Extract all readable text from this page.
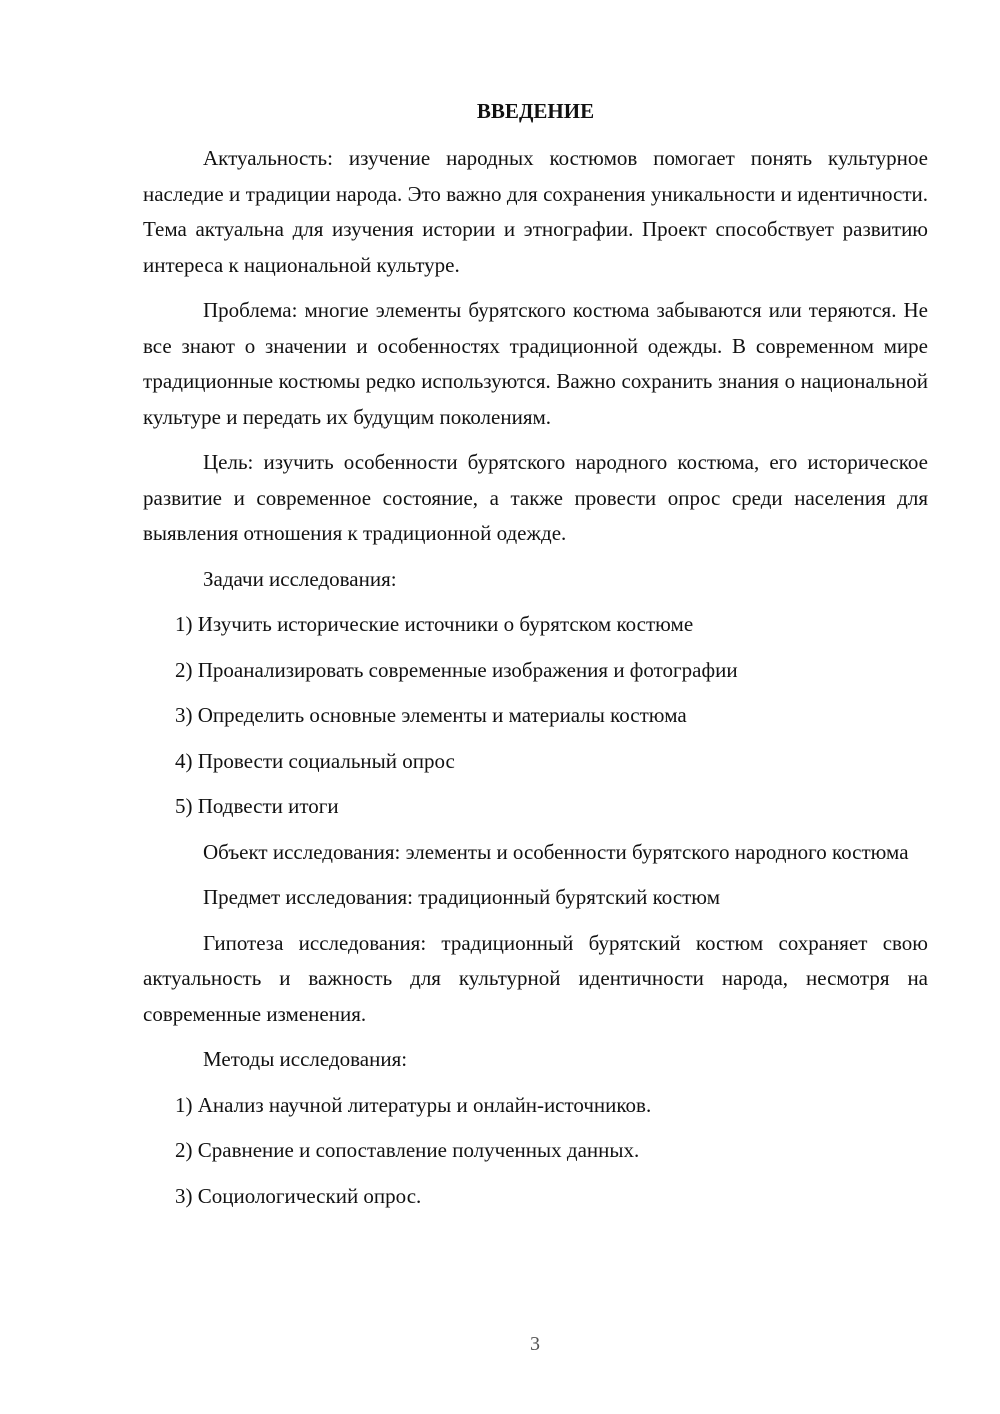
ВВЕДЕНИЕ

Актуальность: изучение народных костюмов помогает понять культурное наследие и традиции народа. Это важно для сохранения уникальности и идентичности. Тема актуальна для изучения истории и этнографии. Проект способствует развитию интереса к национальной культуре.

Проблема: многие элементы бурятского костюма забываются или теряются. Не все знают о значении и особенностях традиционной одежды. В современном мире традиционные костюмы редко используются. Важно сохранить знания о национальной культуре и передать их будущим поколениям.

Цель: изучить особенности бурятского народного костюма, его историческое развитие и современное состояние, а также провести опрос среди населения для выявления отношения к традиционной одежде.

Задачи исследования:

1) Изучить исторические источники о бурятском костюме

2) Проанализировать современные изображения и фотографии

3) Определить основные элементы и материалы костюма

4) Провести социальный опрос

5) Подвести итоги

Объект исследования: элементы и особенности бурятского народного костюма

Предмет исследования: традиционный бурятский костюм

Гипотеза исследования: традиционный бурятский костюм сохраняет свою актуальность и важность для культурной идентичности народа, несмотря на современные изменения.

Методы исследования:

1) Анализ научной литературы и онлайн-источников.

2) Сравнение и сопоставление полученных данных.

3) Социологический опрос.

3
